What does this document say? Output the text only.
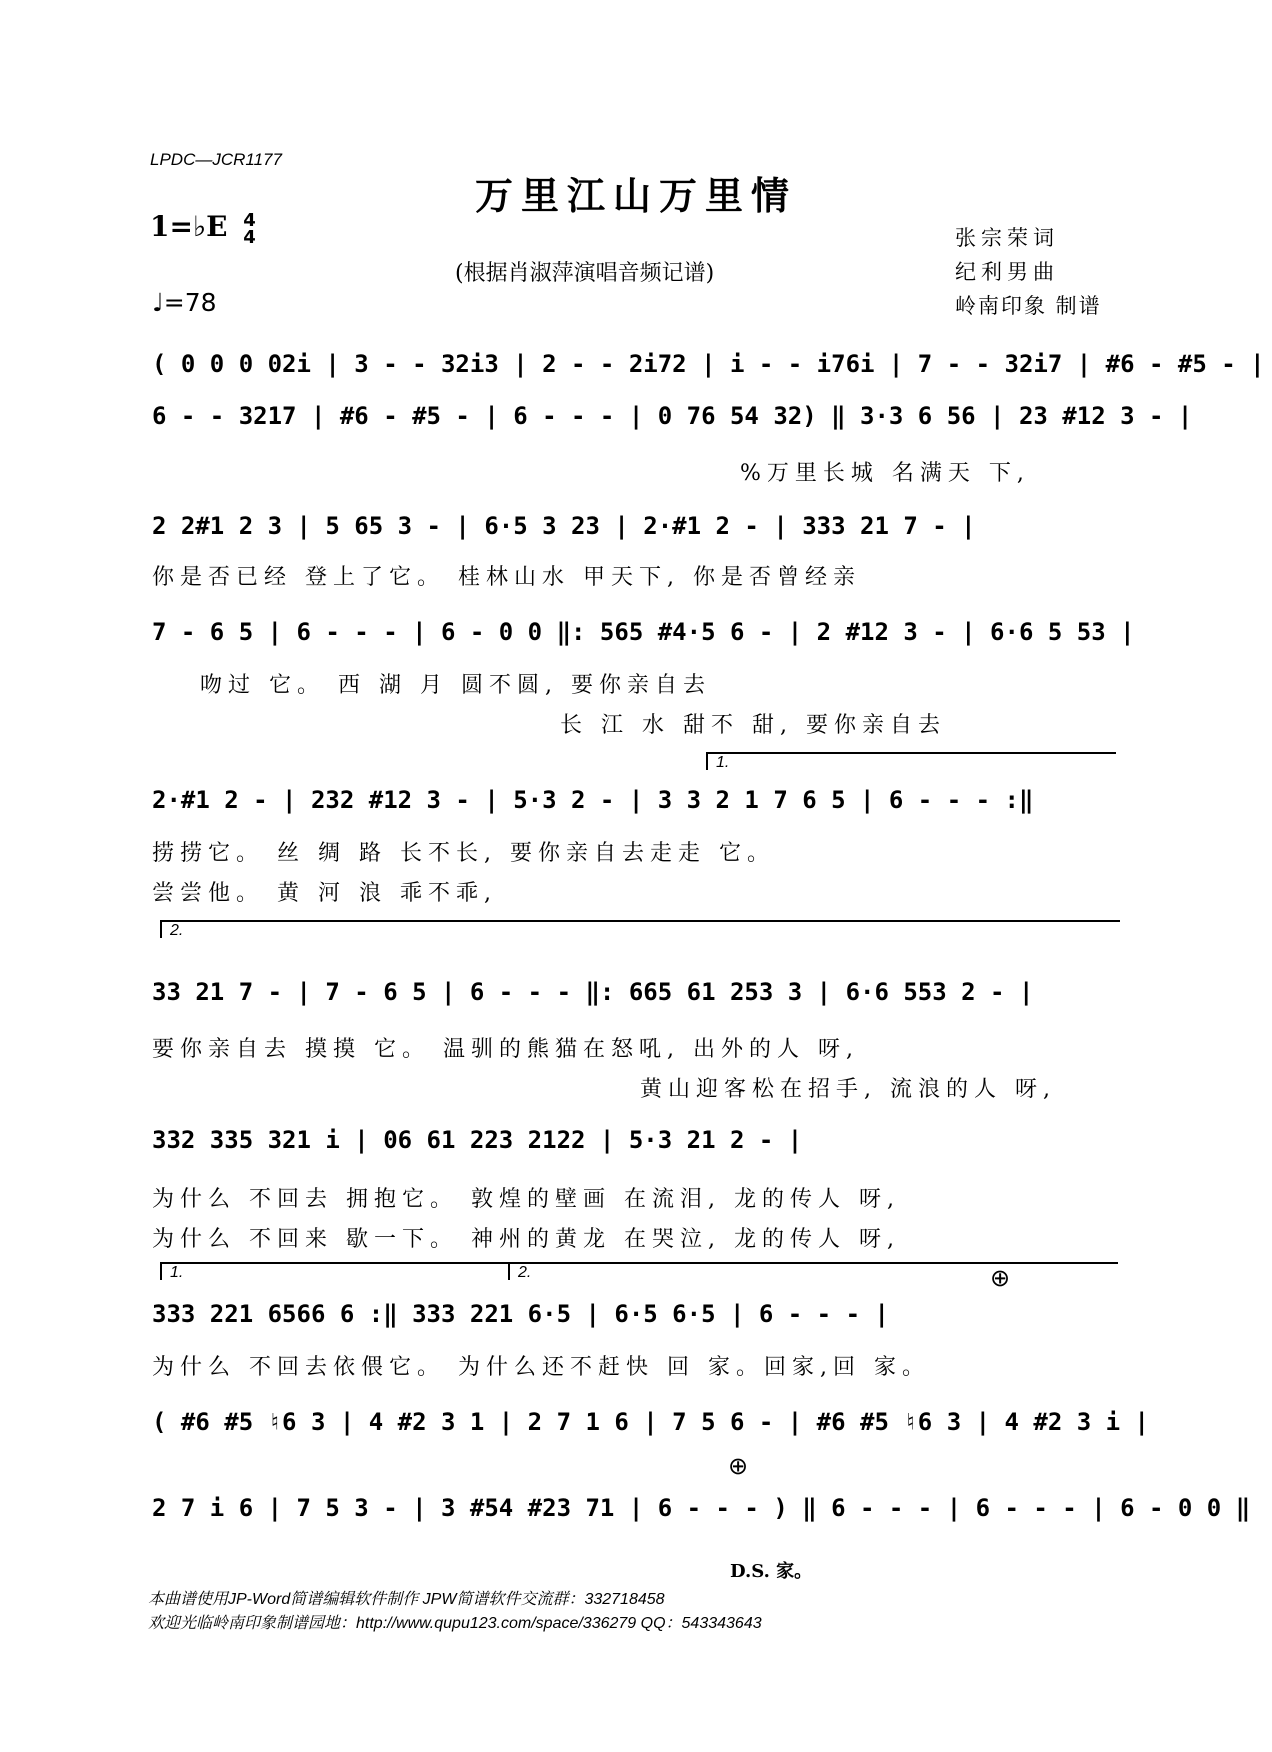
LPDC—JCR1177
万里江山万里情
1=♭E 4
4
(根据肖淑萍演唱音频记谱)
张宗荣词
纪利男曲
岭南印象 制谱
♩=78
( 0 0 0 02i | 3 - - 32i3 | 2 - - 2i72 | i - - i76i | 7 - - 32i7 | #6 - #5 - |
6 - - 3217 | #6 - #5 - | 6 - - - | 0 76 54 32) ‖ 3·3 6 56 | 23 #12 3 - |
%万里长城 名满天 下,
2 2#1 2 3 | 5 65 3 - | 6·5 3 23 | 2·#1 2 - | 333 21 7 - |
你是否已经 登上了它。 桂林山水 甲天下, 你是否曾经亲
7 - 6 5 | 6 - - - | 6 - 0 0 ‖: 565 #4·5 6 - | 2 #12 3 - | 6·6 5 53 |
吻过 它。 西 湖 月 圆不圆, 要你亲自去
长 江 水 甜不 甜, 要你亲自去
1.
2·#1 2 - | 232 #12 3 - | 5·3 2 - | 3 3 2 1 7 6 5 | 6 - - - :‖
捞捞它。 丝 绸 路 长不长, 要你亲自去走走 它。
尝尝他。 黄 河 浪 乖不乖,
2.
33 21 7 - | 7 - 6 5 | 6 - - - ‖: 665 61 253 3 | 6·6 553 2 - |
要你亲自去 摸摸 它。 温驯的熊猫在怒吼, 出外的人 呀,
黄山迎客松在招手, 流浪的人 呀,
332 335 321 i | 06 61 223 2122 | 5·3 21 2 - |
为什么 不回去 拥抱它。 敦煌的壁画 在流泪, 龙的传人 呀,
为什么 不回来 歇一下。 神州的黄龙 在哭泣, 龙的传人 呀,
1.	2.	⊕
333 221 6566 6 :‖ 333 221 6·5 | 6·5 6·5 | 6 - - - |
为什么 不回去依偎它。 为什么还不赶快 回 家。回家,回 家。
( #6 #5 ♮6 3 | 4 #2 3 1 | 2 7 1 6 | 7 5 6 - | #6 #5 ♮6 3 | 4 #2 3 i |
⊕
2 7 i 6 | 7 5 3 - | 3 #54 #23 71 | 6 - - - ) ‖ 6 - - - | 6 - - - | 6 - 0 0 ‖
D.S. 家。
本曲谱使用JP-Word简谱编辑软件制作 JPW简谱软件交流群：332718458
欢迎光临岭南印象制谱园地：http://www.qupu123.com/space/336279 QQ：543343643
